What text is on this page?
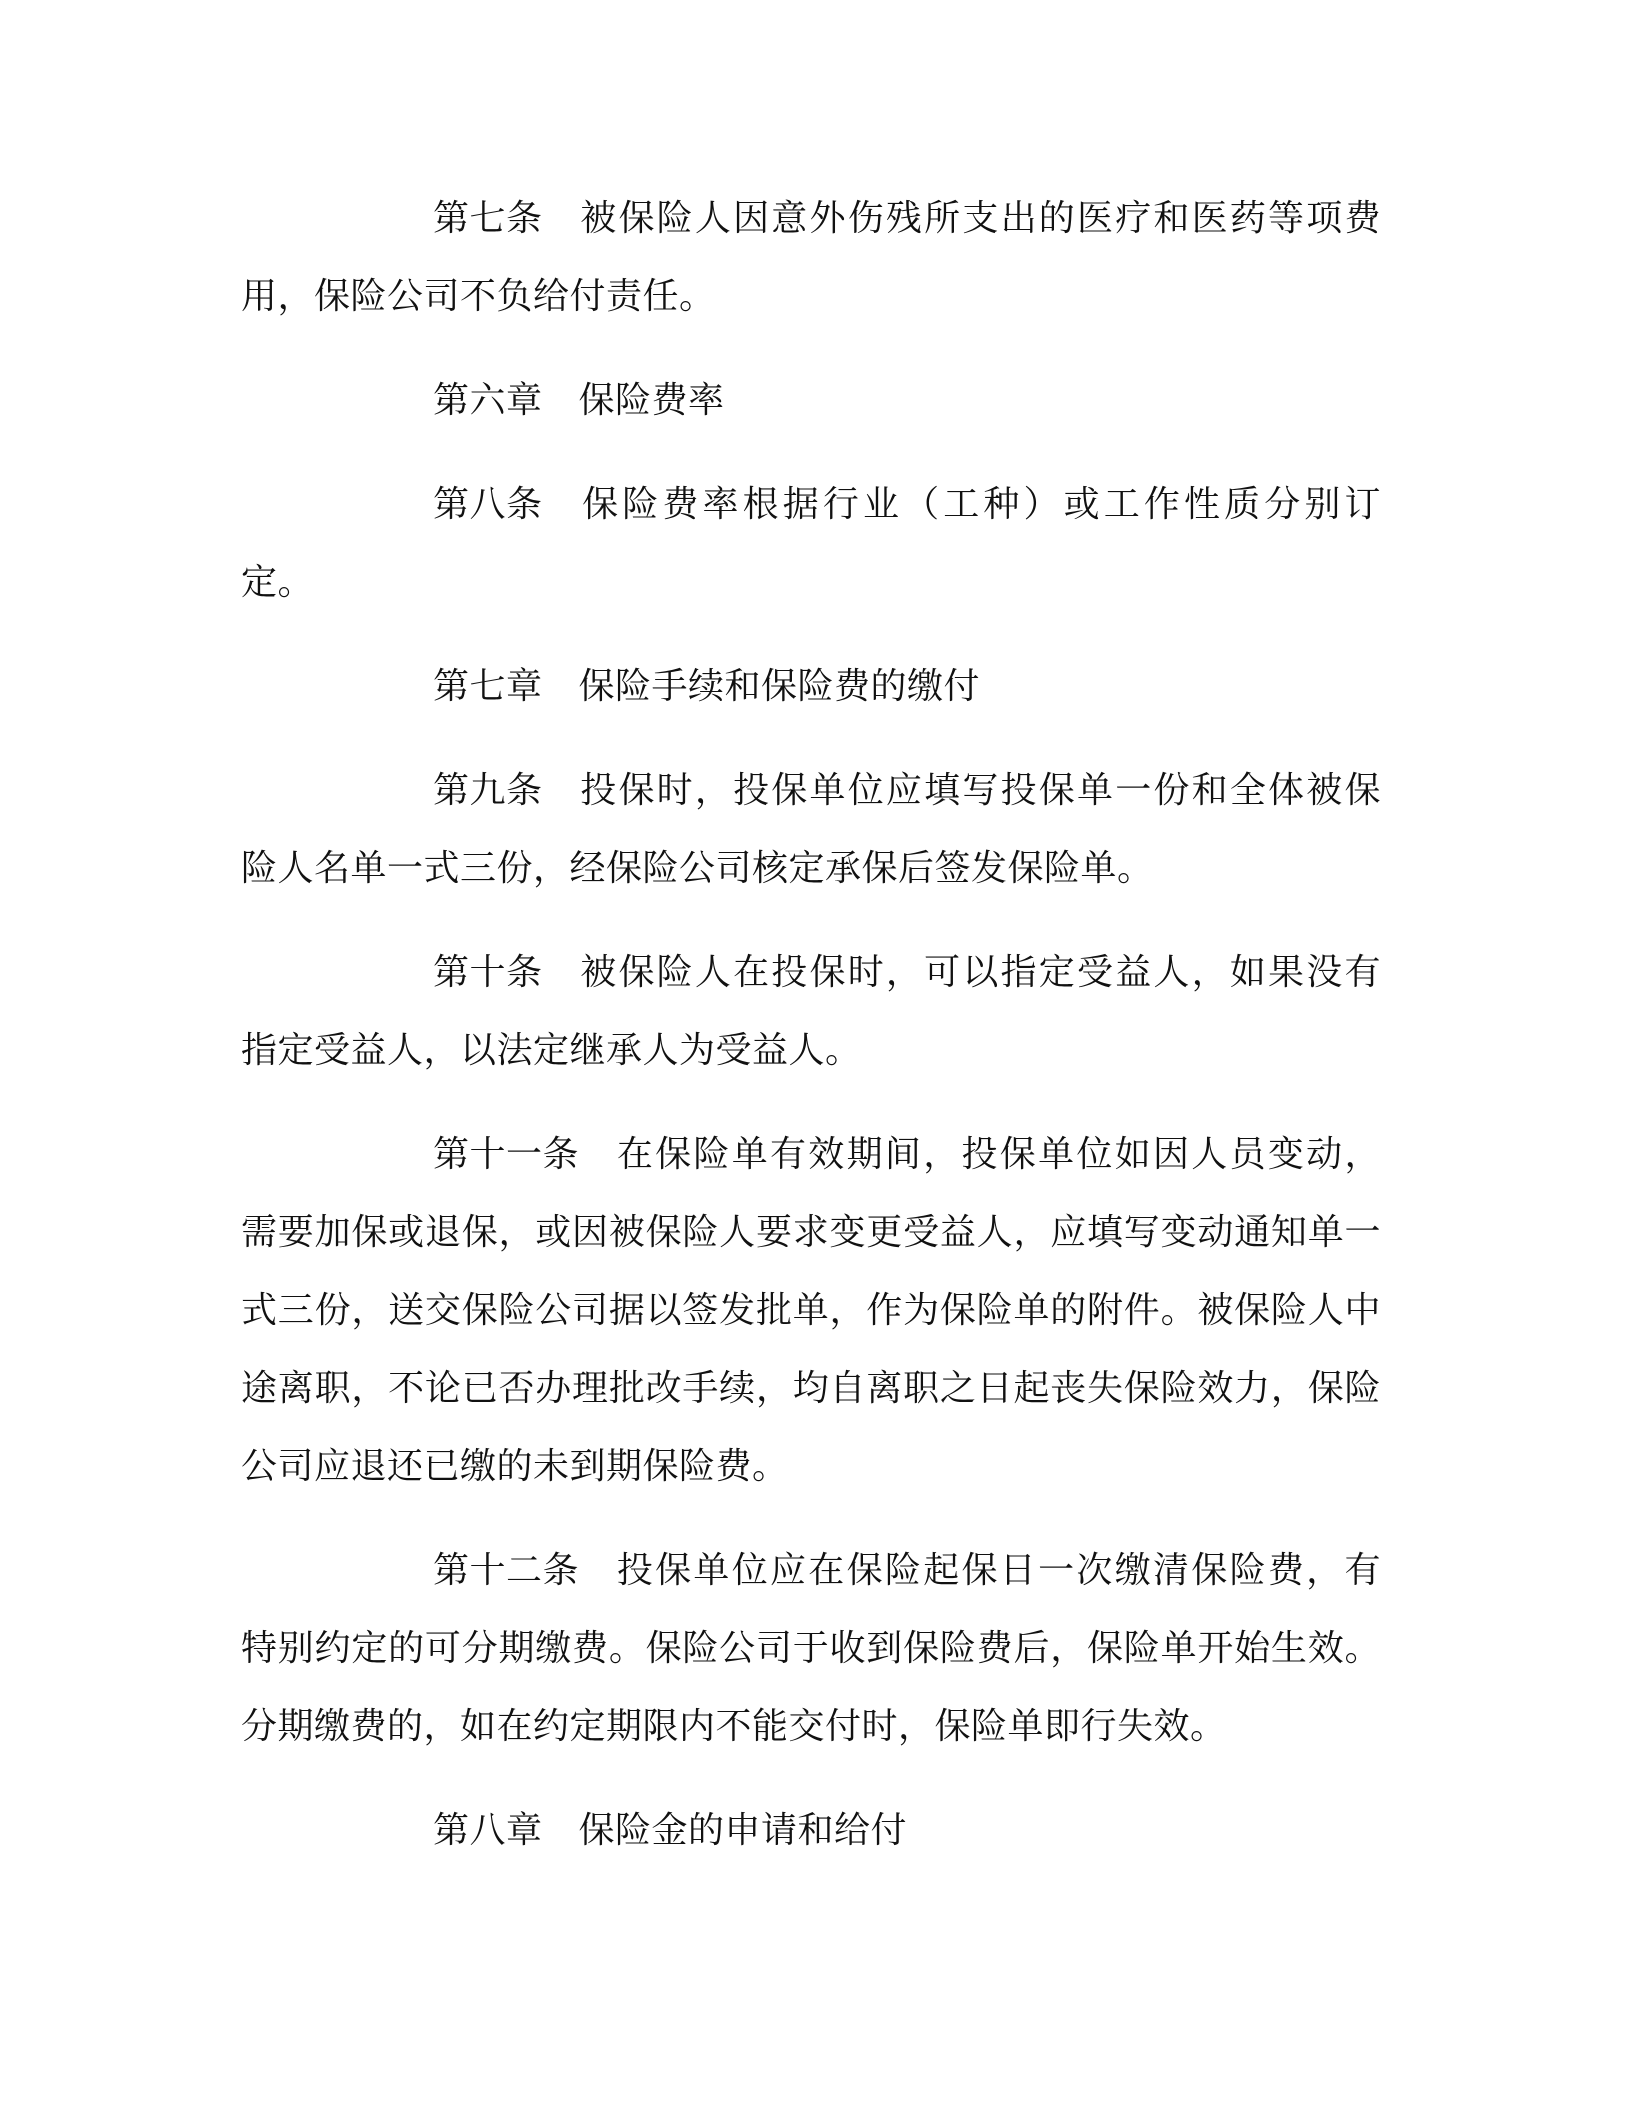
第七条 被保险人因意外伤残所支出的医疗和医药等项费用，保险公司不负给付责任。

第六章 保险费率

第八条 保险费率根据行业（工种）或工作性质分别订定。

第七章 保险手续和保险费的缴付

第九条 投保时，投保单位应填写投保单一份和全体被保险人名单一式三份，经保险公司核定承保后签发保险单。

第十条 被保险人在投保时，可以指定受益人，如果没有指定受益人，以法定继承人为受益人。

第十一条 在保险单有效期间，投保单位如因人员变动，需要加保或退保，或因被保险人要求变更受益人，应填写变动通知单一式三份，送交保险公司据以签发批单，作为保险单的附件。被保险人中途离职，不论已否办理批改手续，均自离职之日起丧失保险效力，保险公司应退还已缴的未到期保险费。

第十二条 投保单位应在保险起保日一次缴清保险费，有特别约定的可分期缴费。保险公司于收到保险费后，保险单开始生效。分期缴费的，如在约定期限内不能交付时，保险单即行失效。

第八章 保险金的申请和给付
